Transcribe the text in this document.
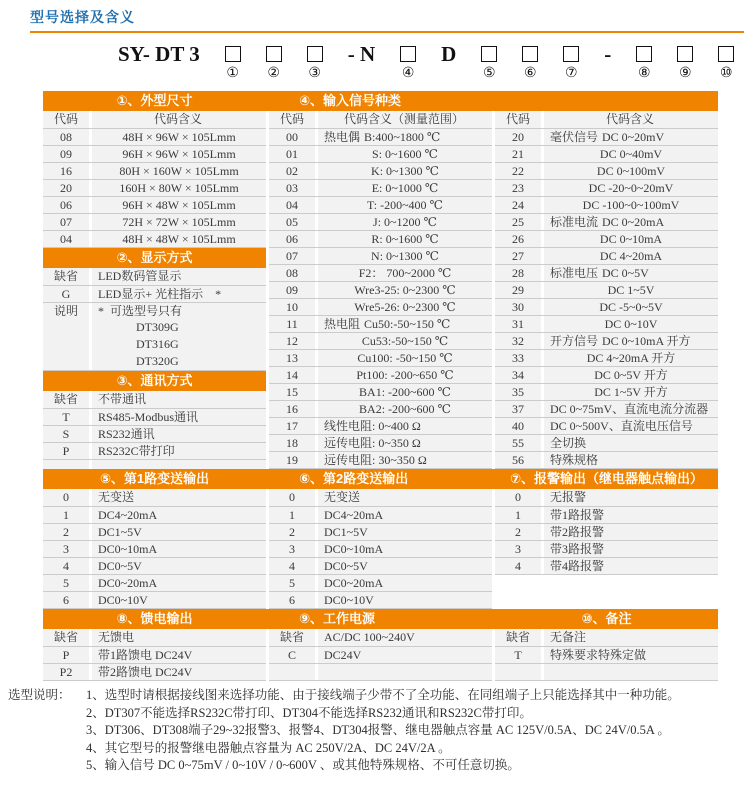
型号选择及含义
SY- DT 3
① ② ③
- N
④
D
⑤ ⑥ ⑦
-
⑧ ⑨ ⑩
①、外型尺寸	④、输入信号种类
代码	代码含义
08	48H × 96W × 105Lmm
09	96H × 96W × 105Lmm
16	80H × 160W × 105Lmm
20	160H × 80W × 105Lmm
06	96H × 48W × 105Lmm
07	72H × 72W × 105Lmm
04	48H × 48W × 105Lmm
②、显示方式
缺省	LED数码管显示
G	LED显示+ 光柱指示    *
说明	*  可选型号只有
DT309G
DT316G
DT320G
③、通讯方式
缺省	不带通讯
T	RS485-Modbus通讯
S	RS232通讯
P	RS232C带打印
代码	代码含义（测量范围）
00	热电偶 B:400~1800 ℃
01	S: 0~1600 ℃
02	K: 0~1300 ℃
03	E: 0~1000 ℃
04	T: -200~400 ℃
05	J: 0~1200 ℃
06	R: 0~1600 ℃
07	N: 0~1300 ℃
08	F2： 700~2000 ℃
09	Wre3-25: 0~2300 ℃
10	Wre5-26: 0~2300 ℃
11	热电阻 Cu50:-50~150 ℃
12	Cu53:-50~150 ℃
13	Cu100: -50~150 ℃
14	Pt100: -200~650 ℃
15	BA1: -200~600 ℃
16	BA2: -200~600 ℃
17	线性电阻: 0~400 Ω
18	远传电阻: 0~350 Ω
19	远传电阻: 30~350 Ω
代码	代码含义
20	毫伏信号 DC 0~20mV
21	DC 0~40mV
22	DC 0~100mV
23	DC -20~0~20mV
24	DC -100~0~100mV
25	标准电流 DC 0~20mA
26	DC 0~10mA
27	DC 4~20mA
28	标准电压 DC 0~5V
29	DC 1~5V
30	DC -5~0~5V
31	DC 0~10V
32	开方信号 DC 0~10mA 开方
33	DC 4~20mA 开方
34	DC 0~5V 开方
35	DC 1~5V 开方
37	DC 0~75mV、直流电流分流器
40	DC 0~500V、直流电压信号
55	全切换
56	特殊规格
⑤、第1路变送输出	⑥、第2路变送输出	⑦、报警输出（继电器触点输出）
0	无变送
1	DC4~20mA
2	DC1~5V
3	DC0~10mA
4	DC0~5V
5	DC0~20mA
6	DC0~10V
0	无变送
1	DC4~20mA
2	DC1~5V
3	DC0~10mA
4	DC0~5V
5	DC0~20mA
6	DC0~10V
0	无报警
1	带1路报警
2	带2路报警
3	带3路报警
4	带4路报警
⑧、馈电输出	⑨、工作电源	⑩、备注
缺省	无馈电
P	带1路馈电 DC24V
P2	带2路馈电 DC24V
缺省	AC/DC 100~240V
C	DC24V
缺省	无备注
T	特殊要求特殊定做
选型说明：	1、选型时请根据接线图来选择功能、由于接线端子少带不了全功能、在同组端子上只能选择其中一种功能。
2、DT307不能选择RS232C带打印、DT304不能选择RS232通讯和RS232C带打印。
3、DT306、DT308端子29~32报警3、报警4、DT304报警、继电器触点容量 AC 125V/0.5A、DC 24V/0.5A 。
4、其它型号的报警继电器触点容量为 AC 250V/2A、DC 24V/2A 。
5、输入信号 DC 0~75mV / 0~10V / 0~600V 、或其他特殊规格、不可任意切换。
